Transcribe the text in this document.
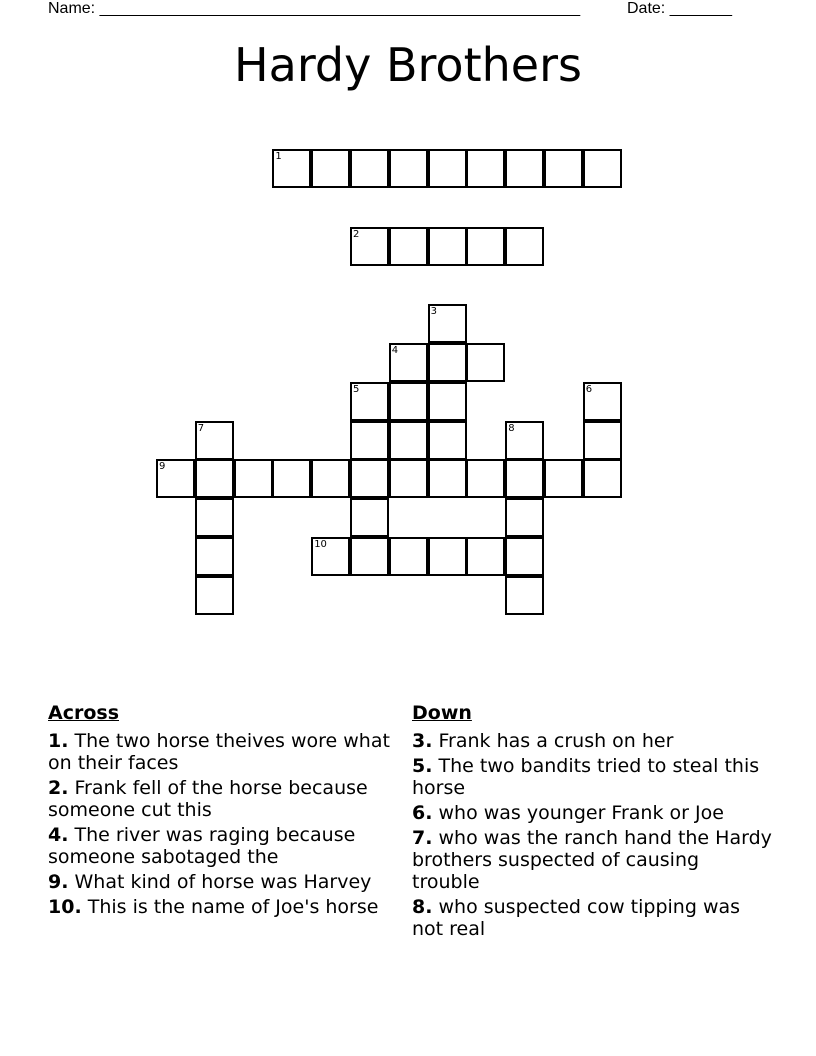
Name: ______________________________________________________	Date: _______
Hardy Brothers
1
2
3
4
5	6
7	8
9
10
Across
1. The two horse theives wore what on their faces
2. Frank fell of the horse because someone cut this
4. The river was raging because someone sabotaged the
9. What kind of horse was Harvey
10. This is the name of Joe's horse
Down
3. Frank has a crush on her
5. The two bandits tried to steal this horse
6. who was younger Frank or Joe
7. who was the ranch hand the Hardy brothers suspected of causing trouble
8. who suspected cow tipping was not real
